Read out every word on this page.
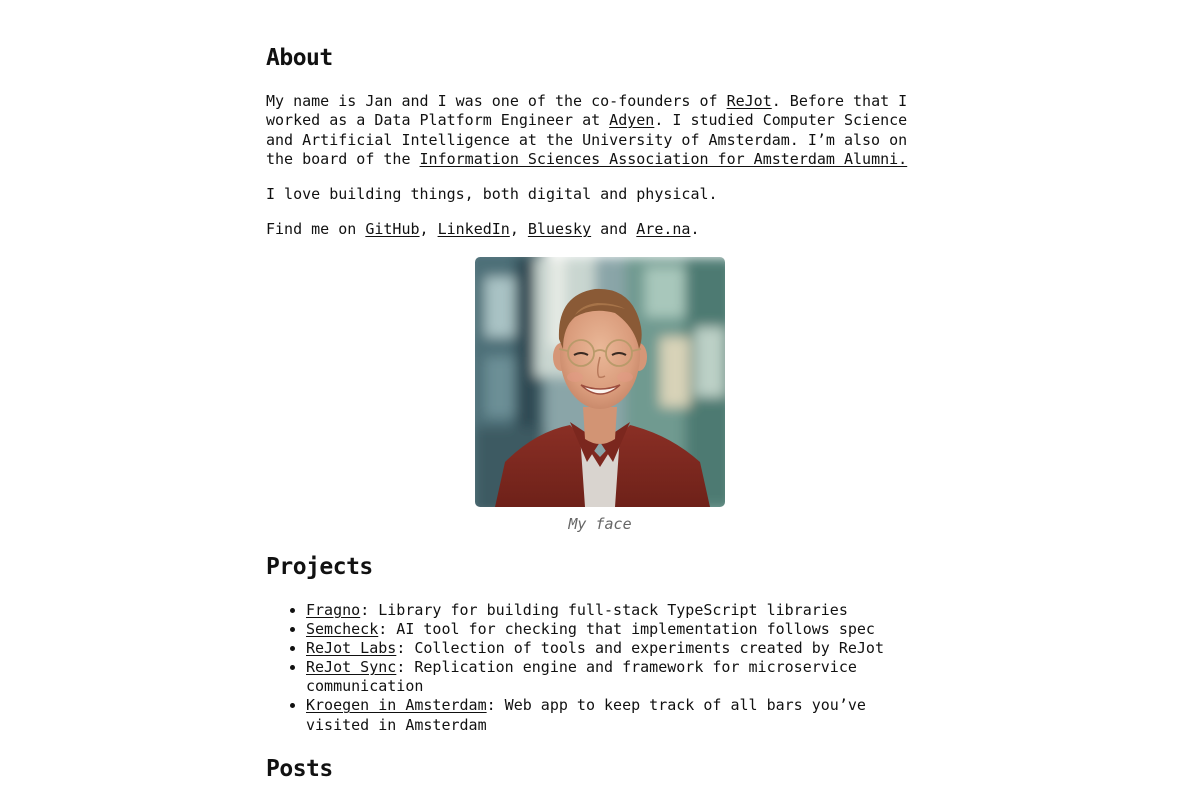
About

My name is Jan and I was one of the co-founders of ReJot. Before that I worked as a Data Platform Engineer at Adyen. I studied Computer Science and Artificial Intelligence at the University of Amsterdam. I’m also on the board of the Information Sciences Association for Amsterdam Alumni.

I love building things, both digital and physical.

Find me on GitHub, LinkedIn, Bluesky and Are.na.

My face
Projects
• Fragno: Library for building full-stack TypeScript libraries
• Semcheck: AI tool for checking that implementation follows spec
• ReJot Labs: Collection of tools and experiments created by ReJot
• ReJot Sync: Replication engine and framework for microservice communication
• Kroegen in Amsterdam: Web app to keep track of all bars you’ve visited in Amsterdam
Posts
